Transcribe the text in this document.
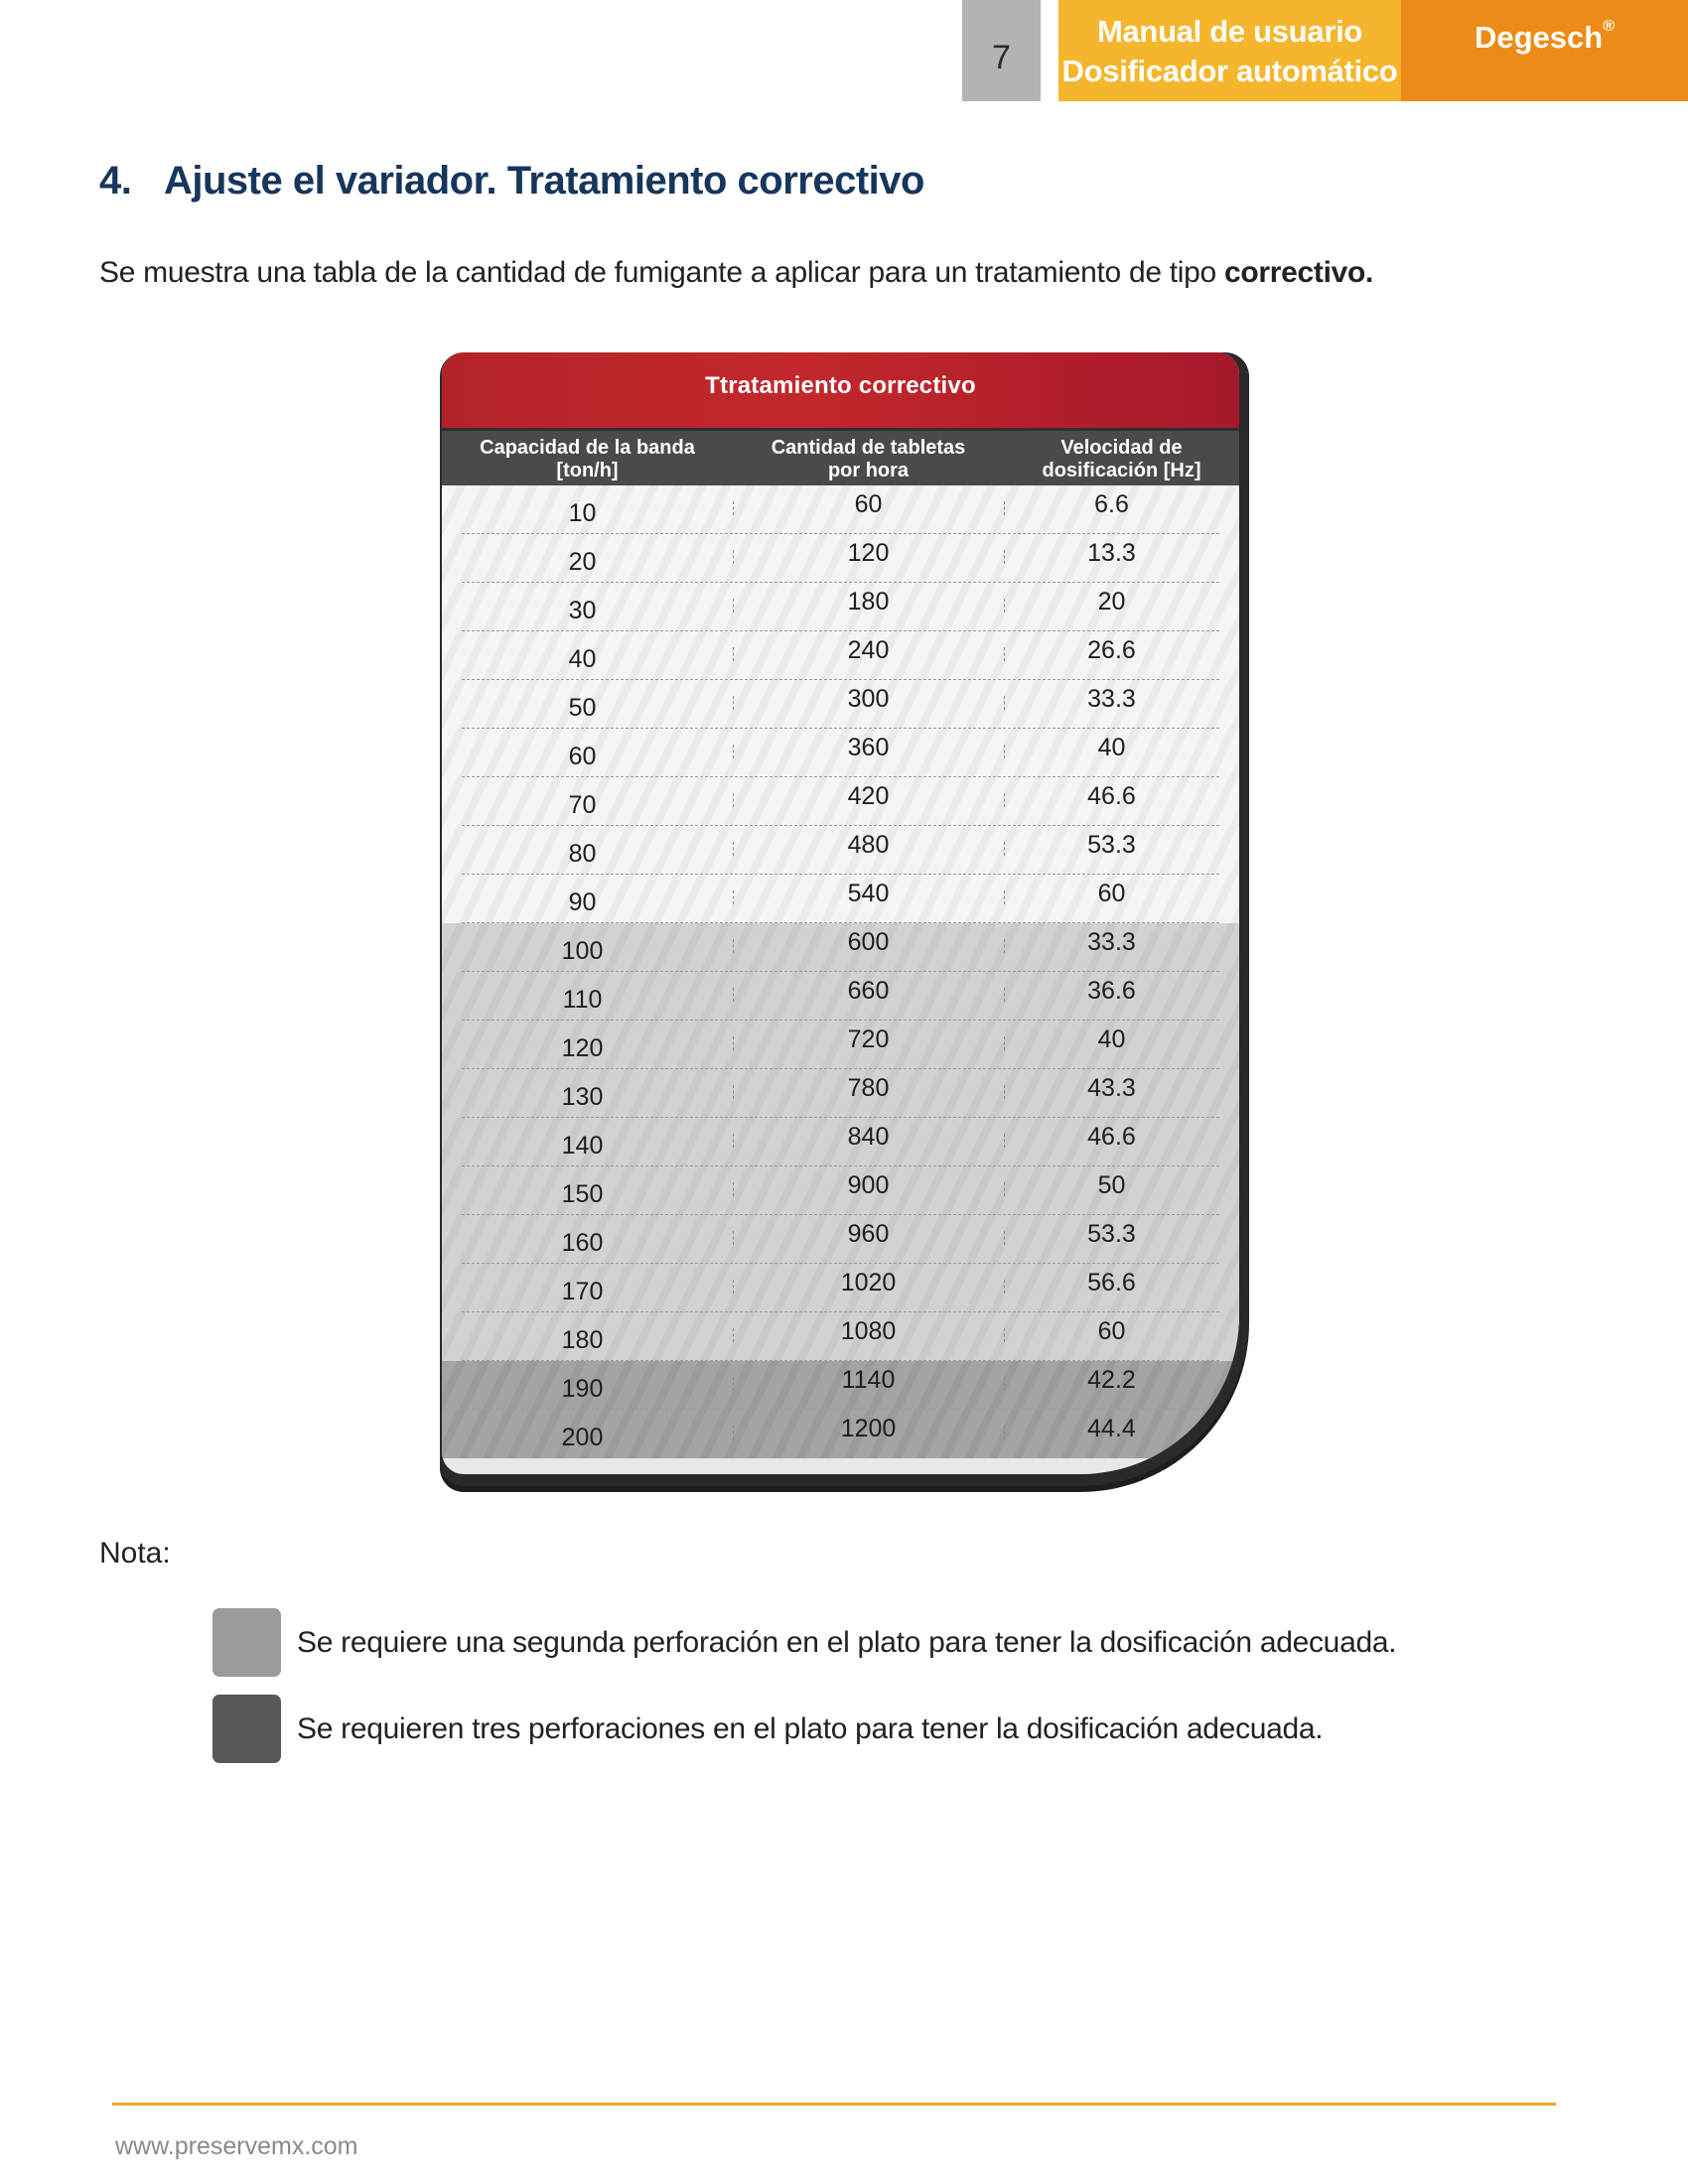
7
Manual de usuario
Dosificador automático
Degesch®
4. Ajuste el variador. Tratamiento correctivo

Se muestra una tabla de la cantidad de fumigante a aplicar para un tratamiento de tipo correctivo.

Ttratamiento correctivo
Capacidad de la banda
[ton/h]
Cantidad de tabletas
por hora
Velocidad de
dosificación [Hz]
10	60	6.6
20	120	13.3
30	180	20
40	240	26.6
50	300	33.3
60	360	40
70	420	46.6
80	480	53.3
90	540	60
100	600	33.3
110	660	36.6
120	720	40
130	780	43.3
140	840	46.6
150	900	50
160	960	53.3
170	1020	56.6
180	1080	60
190	1140	42.2
200	1200	44.4
Nota:
Se requiere una segunda perforación en el plato para tener la dosificación adecuada.
Se requieren tres perforaciones en el plato para tener la dosificación adecuada.
www.preservemx.com
